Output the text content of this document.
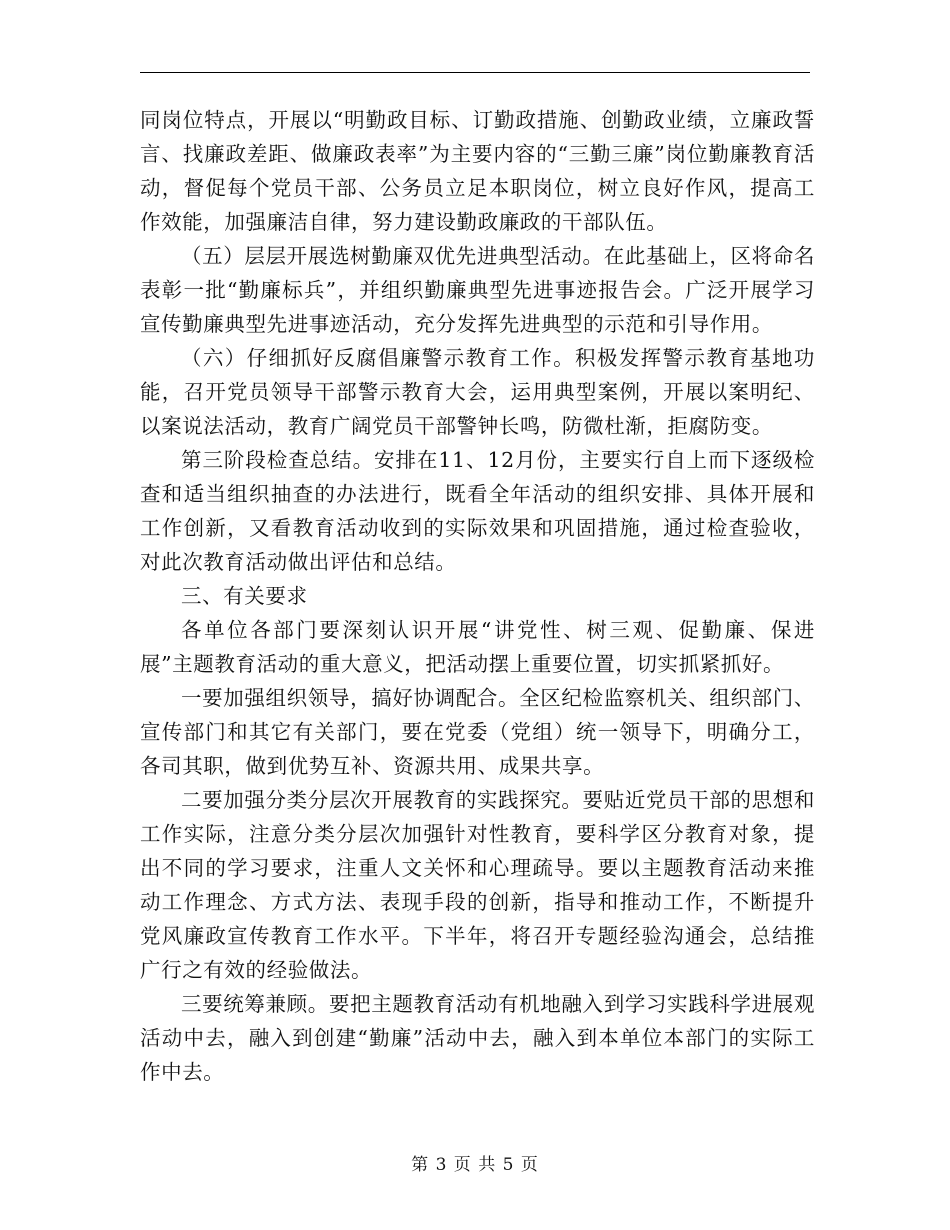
同岗位特点，开展以“明勤政目标、订勤政措施、创勤政业绩，立廉政誓言、找廉政差距、做廉政表率”为主要内容的“三勤三廉”岗位勤廉教育活动，督促每个党员干部、公务员立足本职岗位，树立良好作风，提高工作效能，加强廉洁自律，努力建设勤政廉政的干部队伍。

（五）层层开展选树勤廉双优先进典型活动。在此基础上，区将命名表彰一批“勤廉标兵”，并组织勤廉典型先进事迹报告会。广泛开展学习宣传勤廉典型先进事迹活动，充分发挥先进典型的示范和引导作用。

（六）仔细抓好反腐倡廉警示教育工作。积极发挥警示教育基地功能，召开党员领导干部警示教育大会，运用典型案例，开展以案明纪、以案说法活动，教育广阔党员干部警钟长鸣，防微杜渐，拒腐防变。

第三阶段检查总结。安排在11、12月份，主要实行自上而下逐级检查和适当组织抽查的办法进行，既看全年活动的组织安排、具体开展和工作创新，又看教育活动收到的实际效果和巩固措施，通过检查验收，对此次教育活动做出评估和总结。

三、有关要求

各单位各部门要深刻认识开展“讲党性、树三观、促勤廉、保进展”主题教育活动的重大意义，把活动摆上重要位置，切实抓紧抓好。

一要加强组织领导，搞好协调配合。全区纪检监察机关、组织部门、宣传部门和其它有关部门，要在党委（党组）统一领导下，明确分工，各司其职，做到优势互补、资源共用、成果共享。

二要加强分类分层次开展教育的实践探究。要贴近党员干部的思想和工作实际，注意分类分层次加强针对性教育，要科学区分教育对象，提出不同的学习要求，注重人文关怀和心理疏导。要以主题教育活动来推动工作理念、方式方法、表现手段的创新，指导和推动工作，不断提升党风廉政宣传教育工作水平。下半年，将召开专题经验沟通会，总结推广行之有效的经验做法。

三要统筹兼顾。要把主题教育活动有机地融入到学习实践科学进展观活动中去，融入到创建“勤廉”活动中去，融入到本单位本部门的实际工作中去。

第 3 页 共 5 页
